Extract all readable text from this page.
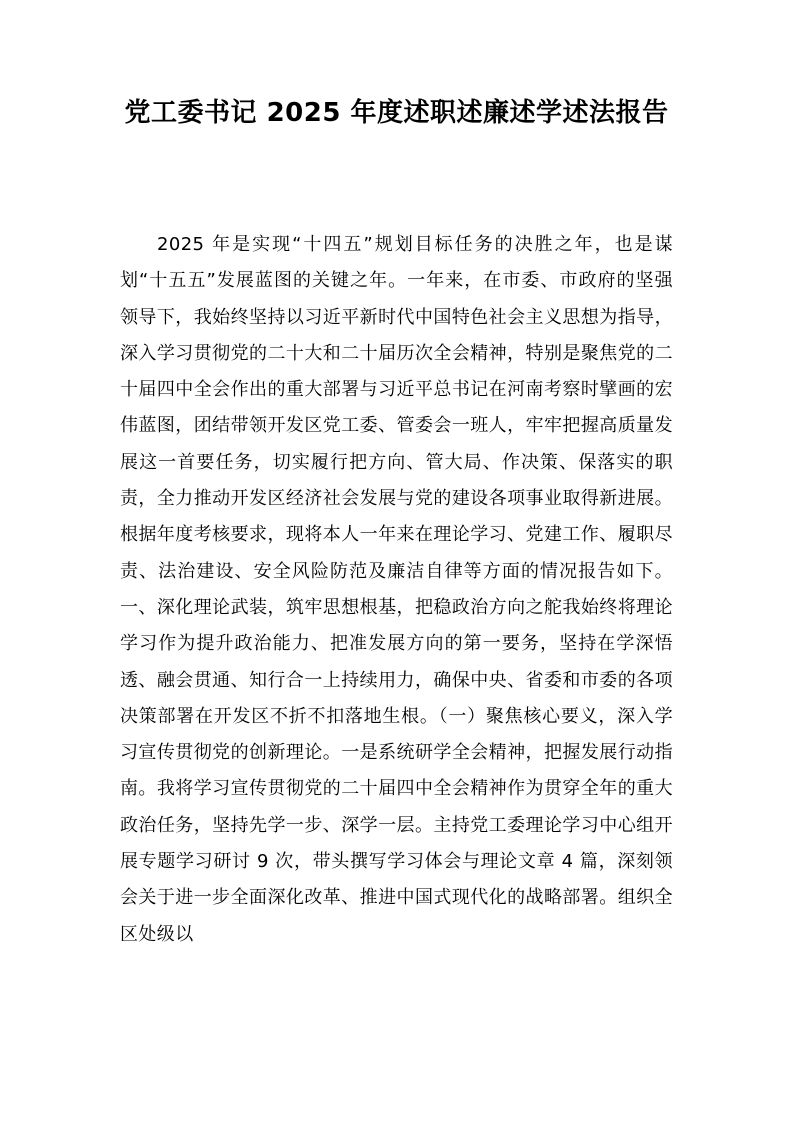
党工委书记 2025 年度述职述廉述学述法报告

2025 年是实现“十四五”规划目标任务的决胜之年，也是谋划“十五五”发展蓝图的关键之年。一年来，在市委、市政府的坚强领导下，我始终坚持以习近平新时代中国特色社会主义思想为指导，深入学习贯彻党的二十大和二十届历次全会精神，特别是聚焦党的二十届四中全会作出的重大部署与习近平总书记在河南考察时擘画的宏伟蓝图，团结带领开发区党工委、管委会一班人，牢牢把握高质量发展这一首要任务，切实履行把方向、管大局、作决策、保落实的职责，全力推动开发区经济社会发展与党的建设各项事业取得新进展。根据年度考核要求，现将本人一年来在理论学习、党建工作、履职尽责、法治建设、安全风险防范及廉洁自律等方面的情况报告如下。一、深化理论武装，筑牢思想根基，把稳政治方向之舵我始终将理论学习作为提升政治能力、把准发展方向的第一要务，坚持在学深悟透、融会贯通、知行合一上持续用力，确保中央、省委和市委的各项决策部署在开发区不折不扣落地生根。（一）聚焦核心要义，深入学习宣传贯彻党的创新理论。一是系统研学全会精神，把握发展行动指南。我将学习宣传贯彻党的二十届四中全会精神作为贯穿全年的重大政治任务，坚持先学一步、深学一层。主持党工委理论学习中心组开展专题学习研讨 9 次，带头撰写学习体会与理论文章 4 篇，深刻领会关于进一步全面深化改革、推进中国式现代化的战略部署。组织全区处级以
